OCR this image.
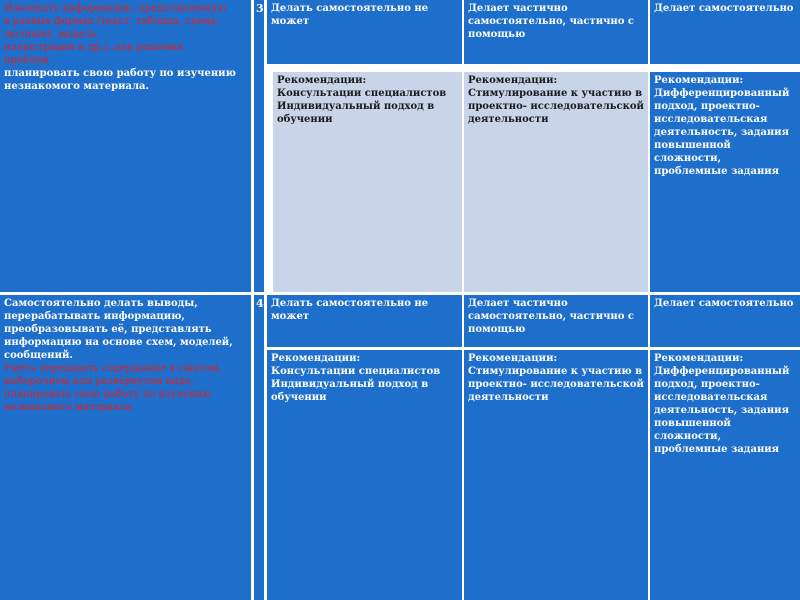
Извлекать информацию, представленную
в разных формах (текст, таблица, схема,
экспонат, модель,
иллюстрация и др.), для решения
проблем
планировать свою работу по изучению
незнакомого материала.
3 Делать самостоятельно не может
Делает частично самостоятельно, частично с помощью
Делает самостоятельно
Рекомендации:
Консультации специалистов Индивидуальный подход в обучении
Рекомендации:
Стимулирование к участию в проектно- исследовательской деятельности
Рекомендации:
Дифференцированный подход, проектно-исследовательская деятельность, задания повышенной сложности, проблемные задания
Самостоятельно делать выводы,
перерабатывать информацию,
преобразовывать её, представлять
информацию на основе схем, моделей,
сообщений.
Уметь передавать содержание в сжатом,
выборочном или развёрнутом виде,
планировать свою работу по изучению
незнакомого материала.
4 Делать самостоятельно не может
Делает частично самостоятельно, частично с помощью
Делает самостоятельно
Рекомендации:
Консультации специалистов Индивидуальный подход в обучении
Рекомендации:
Стимулирование к участию в проектно- исследовательской деятельности
Рекомендации:
Дифференцированный подход, проектно-исследовательская деятельность, задания повышенной сложности, проблемные задания
